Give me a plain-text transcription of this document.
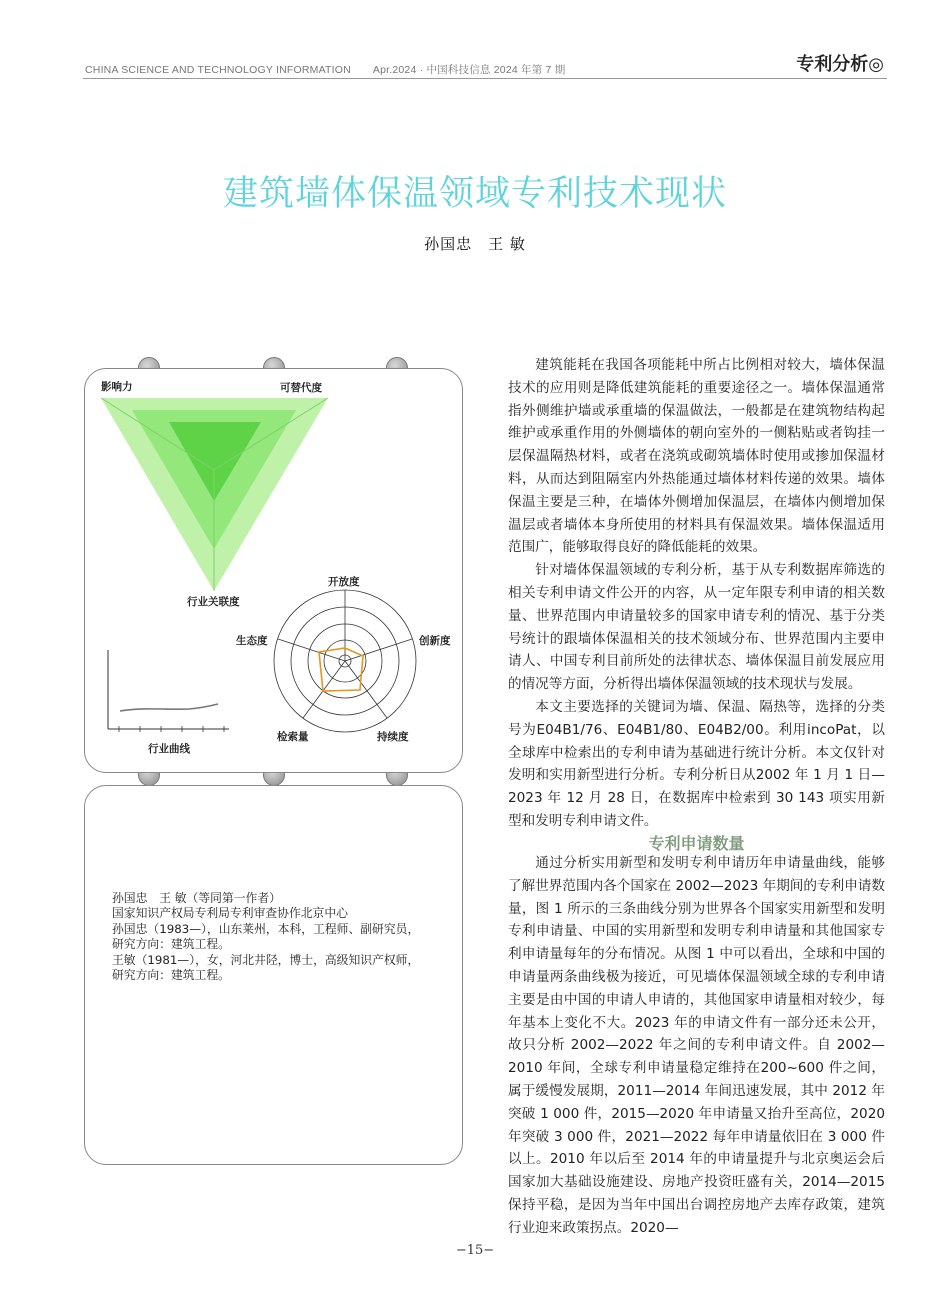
CHINA SCIENCE AND TECHNOLOGY INFORMATION Apr.2024 · 中国科技信息 2024 年第 7 期	专利分析◎
建筑墙体保温领域专利技术现状
孙国忠　王 敏
影响力	可替代度
行业关联度
开放度
创新度
持续度
检索量
生态度
行业曲线
孙国忠　王 敏（等同第一作者）
国家知识产权局专利局专利审查协作北京中心
孙国忠（1983—），山东莱州，本科，工程师、副研究员，
研究方向：建筑工程。
王敏（1981—），女，河北井陉，博士，高级知识产权师，
研究方向：建筑工程。

建筑能耗在我国各项能耗中所占比例相对较大，墙体保温技术的应用则是降低建筑能耗的重要途径之一。墙体保温通常指外侧维护墙或承重墙的保温做法，一般都是在建筑物结构起维护或承重作用的外侧墙体的朝向室外的一侧粘贴或者钩挂一层保温隔热材料，或者在浇筑或砌筑墙体时使用或掺加保温材料，从而达到阻隔室内外热能通过墙体材料传递的效果。墙体保温主要是三种，在墙体外侧增加保温层，在墙体内侧增加保温层或者墙体本身所使用的材料具有保温效果。墙体保温适用范围广，能够取得良好的降低能耗的效果。

针对墙体保温领域的专利分析，基于从专利数据库筛选的相关专利申请文件公开的内容，从一定年限专利申请的相关数量、世界范围内申请量较多的国家申请专利的情况、基于分类号统计的跟墙体保温相关的技术领域分布、世界范围内主要申请人、中国专利目前所处的法律状态、墙体保温目前发展应用的情况等方面，分析得出墙体保温领域的技术现状与发展。

本文主要选择的关键词为墙、保温、隔热等，选择的分类号为E04B1/76、E04B1/80、E04B2/00。利用incoPat，以全球库中检索出的专利申请为基础进行统计分析。本文仅针对发明和实用新型进行分析。专利分析日从2002 年 1 月 1 日—2023 年 12 月 28 日，在数据库中检索到 30 143 项实用新型和发明专利申请文件。

专利申请数量

通过分析实用新型和发明专利申请历年申请量曲线，能够了解世界范围内各个国家在 2002—2023 年期间的专利申请数量，图 1 所示的三条曲线分别为世界各个国家实用新型和发明专利申请量、中国的实用新型和发明专利申请量和其他国家专利申请量每年的分布情况。从图 1 中可以看出，全球和中国的申请量两条曲线极为接近，可见墙体保温领域全球的专利申请主要是由中国的申请人申请的，其他国家申请量相对较少，每年基本上变化不大。2023 年的申请文件有一部分还未公开，故只分析 2002—2022 年之间的专利申请文件。自 2002—2010 年间，全球专利申请量稳定维持在200~600 件之间，属于缓慢发展期，2011—2014 年间迅速发展，其中 2012 年突破 1 000 件，2015—2020 年申请量又抬升至高位，2020 年突破 3 000 件，2021—2022 每年申请量依旧在 3 000 件以上。2010 年以后至 2014 年的申请量提升与北京奥运会后国家加大基础设施建设、房地产投资旺盛有关，2014—2015 保持平稳，是因为当年中国出台调控房地产去库存政策，建筑行业迎来政策拐点。2020—

−15−
